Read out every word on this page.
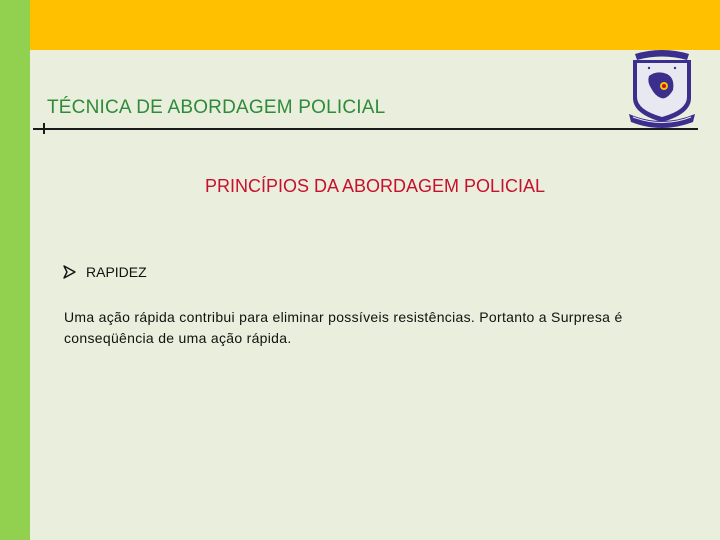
TÉCNICA DE ABORDAGEM POLICIAL
PRINCÍPIOS DA ABORDAGEM POLICIAL
RAPIDEZ
Uma ação rápida contribui para eliminar possíveis resistências. Portanto a Surpresa é conseqüência de uma ação rápida.
